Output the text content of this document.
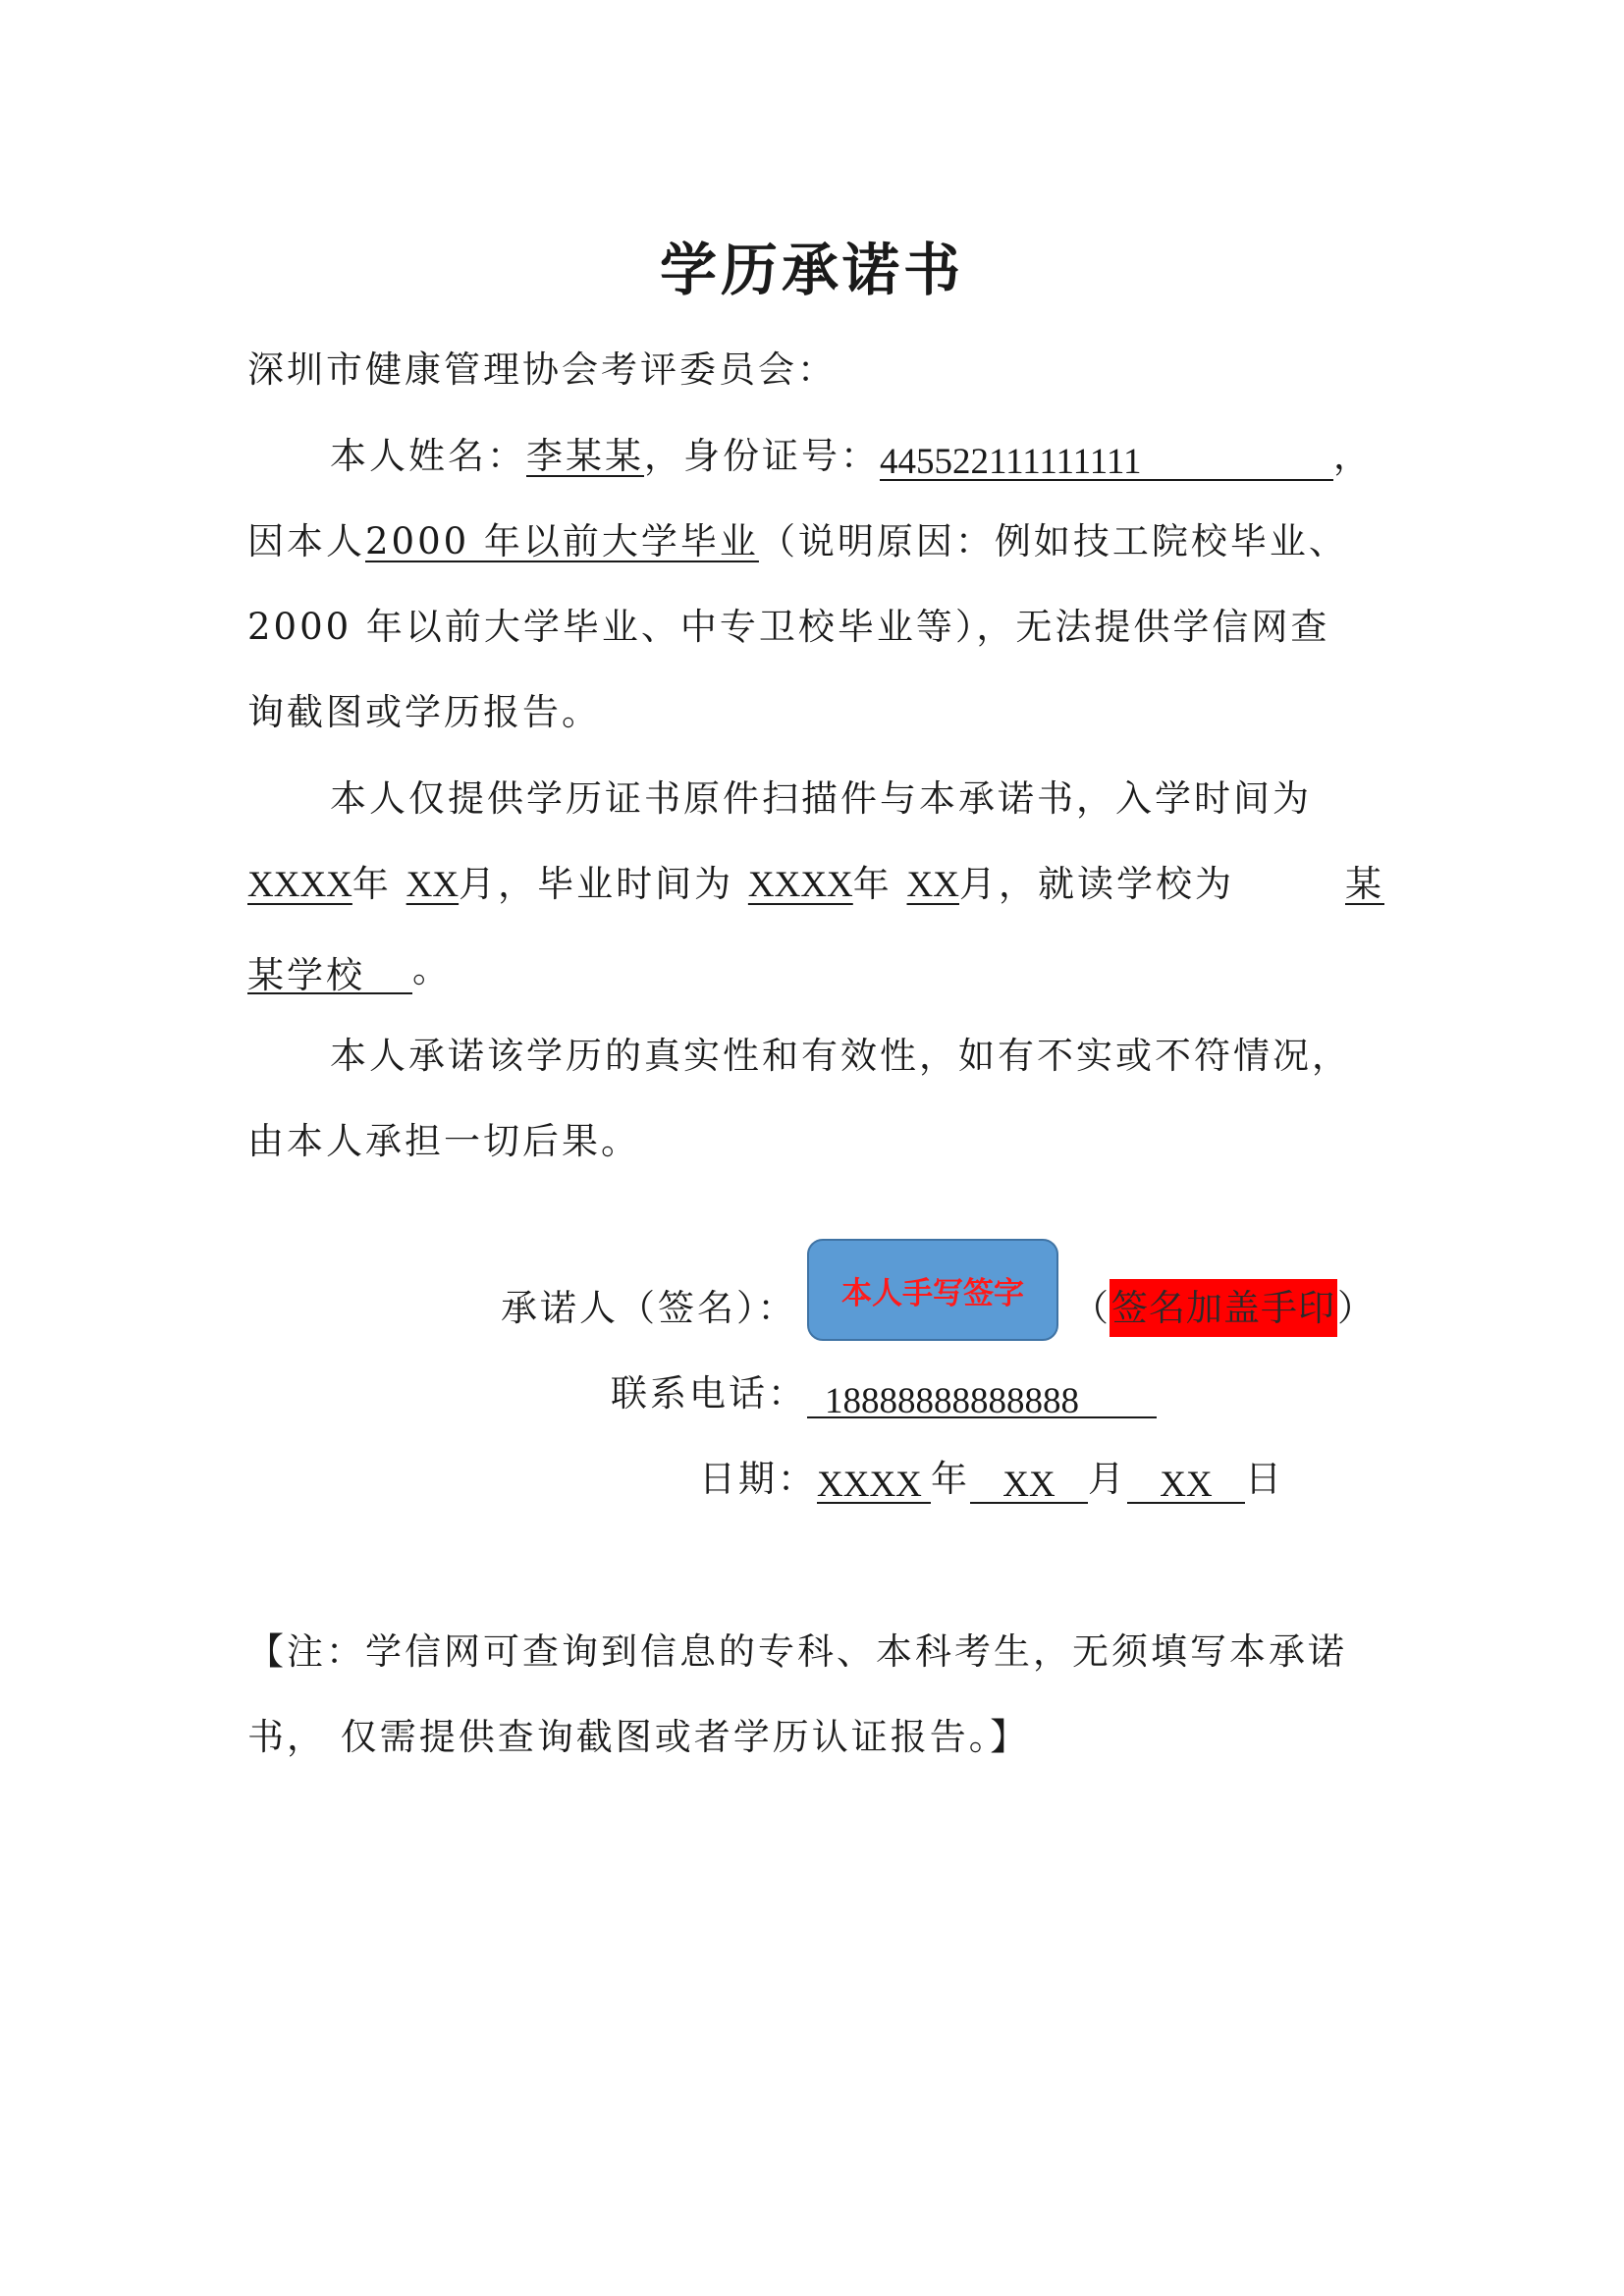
学历承诺书
深圳市健康管理协会考评委员会：
本人姓名：李某某，身份证号：445522111111111	，
因本人2000 年以前大学毕业（说明原因：例如技工院校毕业、
2000 年以前大学毕业、中专卫校毕业等），无法提供学信网查
询截图或学历报告。
本人仅提供学历证书原件扫描件与本承诺书，入学时间为
XXXX年 XX月，毕业时间为 XXXX年 XX月，就读学校为	某
某学校 。
本人承诺该学历的真实性和有效性，如有不实或不符情况，
由本人承担一切后果。
承诺人（签名）： 本人手写签字 （签名加盖手印）
联系电话： 18888888888888
日期：XXXX 年 XX 月 XX 日
【注：学信网可查询到信息的专科、本科考生，无须填写本承诺
书， 仅需提供查询截图或者学历认证报告。】
